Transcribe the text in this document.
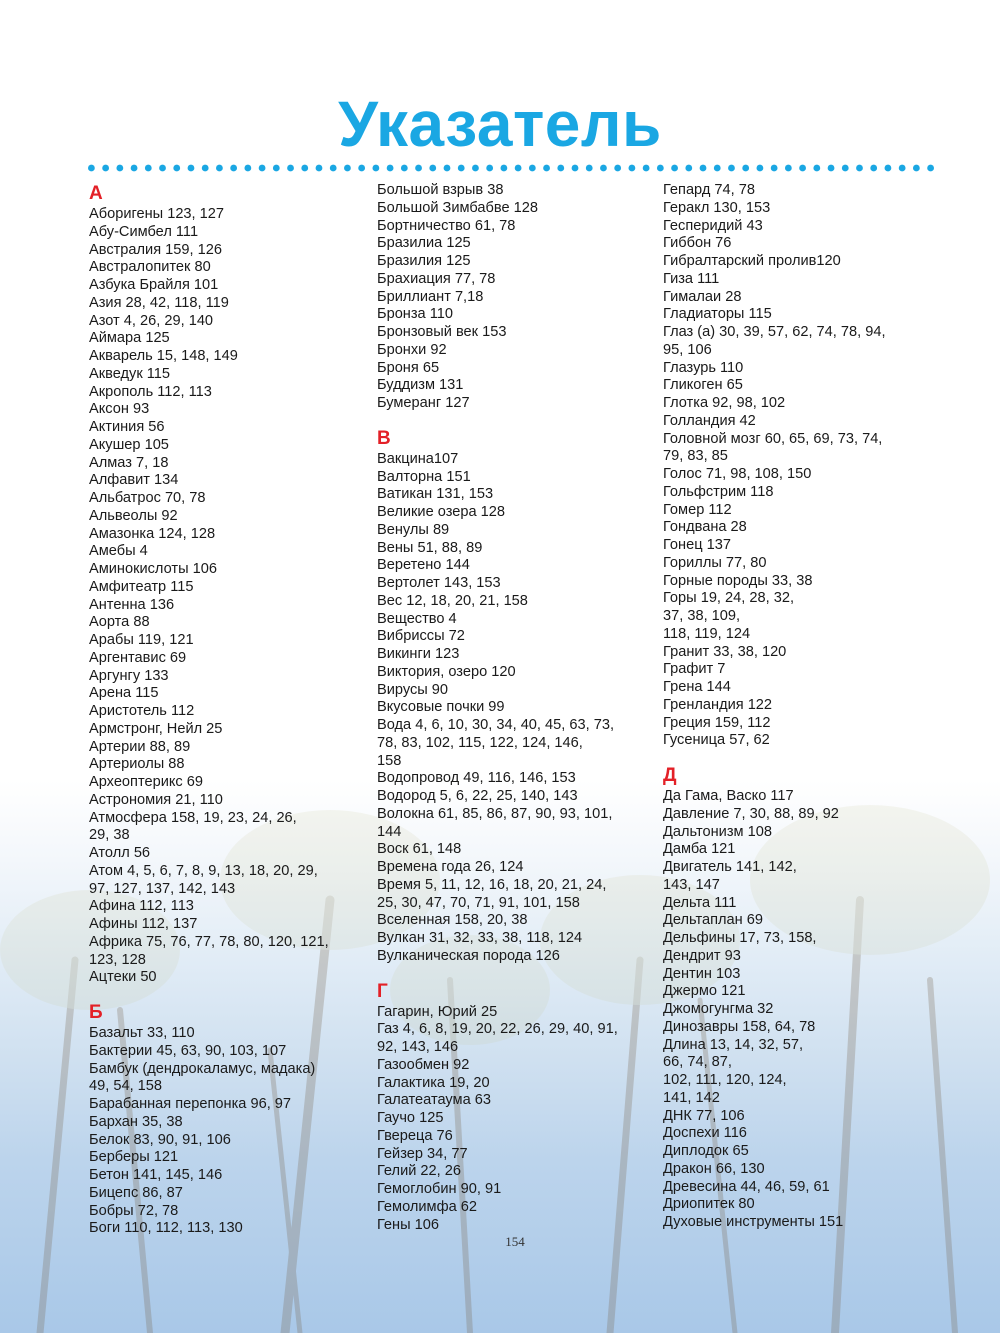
Указатель
А
Аборигены 123, 127
Абу-Симбел 111
Австралия 159, 126
Австралопитек 80
Азбука Брайля 101
Азия 28, 42, 118, 119
Азот 4, 26, 29, 140
Аймара 125
Акварель 15, 148, 149
Акведук 115
Акрополь 112, 113
Аксон 93
Актиния 56
Акушер 105
Алмаз 7, 18
Алфавит 134
Альбатрос 70, 78
Альвеолы 92
Амазонка 124, 128
Амебы 4
Аминокислоты 106
Амфитеатр 115
Антенна 136
Аорта 88
Арабы 119, 121
Аргентавис 69
Аргунгу 133
Арена 115
Аристотель 112
Армстронг, Нейл 25
Артерии 88, 89
Артериолы 88
Археоптерикс 69
Астрономия 21, 110
Атмосфера 158, 19, 23, 24, 26,
29, 38
Атолл 56
Атом 4, 5, 6, 7, 8, 9, 13, 18, 20, 29,
97, 127, 137, 142, 143
Афина 112, 113
Афины 112, 137
Африка 75, 76, 77, 78, 80, 120, 121,
123, 128
Ацтеки 50
Б
Базальт 33, 110
Бактерии 45, 63, 90, 103, 107
Бамбук (дендрокаламус, мадака)
49, 54, 158
Барабанная перепонка 96, 97
Бархан 35, 38
Белок 83, 90, 91, 106
Берберы 121
Бетон 141, 145, 146
Бицепс 86, 87
Бобры 72, 78
Боги 110, 112, 113, 130
Большой взрыв 38
Большой Зимбабве 128
Бортничество 61, 78
Бразилиа 125
Бразилия 125
Брахиация 77, 78
Бриллиант 7,18
Бронза 110
Бронзовый век 153
Бронхи 92
Броня 65
Буддизм 131
Бумеранг 127
В
Вакцина107
Валторна 151
Ватикан 131, 153
Великие озера 128
Венулы 89
Вены 51, 88, 89
Веретено 144
Вертолет 143, 153
Вес 12, 18, 20, 21, 158
Вещество 4
Вибриссы 72
Викинги 123
Виктория, озеро 120
Вирусы 90
Вкусовые почки 99
Вода 4, 6, 10, 30, 34, 40, 45, 63, 73,
78, 83, 102, 115, 122, 124, 146,
158
Водопровод 49, 116, 146, 153
Водород 5, 6, 22, 25, 140, 143
Волокна 61, 85, 86, 87, 90, 93, 101,
144
Воск 61, 148
Времена года 26, 124
Время 5, 11, 12, 16, 18, 20, 21, 24,
25, 30, 47, 70, 71, 91, 101, 158
Вселенная 158, 20, 38
Вулкан 31, 32, 33, 38, 118, 124
Вулканическая порода 126
Г
Гагарин, Юрий 25
Газ 4, 6, 8, 19, 20, 22, 26, 29, 40, 91,
92, 143, 146
Газообмен 92
Галактика 19, 20
Галатеатаума 63
Гаучо 125
Гвереца 76
Гейзер 34, 77
Гелий 22, 26
Гемоглобин 90, 91
Гемолимфа 62
Гены 106
Гепард 74, 78
Геракл 130, 153
Гесперидий 43
Гиббон 76
Гибралтарский пролив120
Гиза 111
Гималаи 28
Гладиаторы 115
Глаз (а) 30, 39, 57, 62, 74, 78, 94,
95, 106
Глазурь 110
Гликоген 65
Глотка 92, 98, 102
Голландия 42
Головной мозг 60, 65, 69, 73, 74,
79, 83, 85
Голос 71, 98, 108, 150
Гольфстрим 118
Гомер 112
Гондвана 28
Гонец 137
Гориллы 77, 80
Горные породы 33, 38
Горы 19, 24, 28, 32,
37, 38, 109,
118, 119, 124
Гранит 33, 38, 120
Графит 7
Грена 144
Гренландия 122
Греция 159, 112
Гусеница 57, 62
Д
Да Гама, Васко 117
Давление 7, 30, 88, 89, 92
Дальтонизм 108
Дамба 121
Двигатель 141, 142,
143, 147
Дельта 111
Дельтаплан 69
Дельфины 17, 73, 158,
Дендрит 93
Дентин 103
Джермо 121
Джомогунгма 32
Динозавры 158, 64, 78
Длина 13, 14, 32, 57,
66, 74, 87,
102, 111, 120, 124,
141, 142
ДНК 77, 106
Доспехи 116
Диплодок 65
Дракон 66, 130
Древесина 44, 46, 59, 61
Дриопитек 80
Духовые инструменты 151
154
